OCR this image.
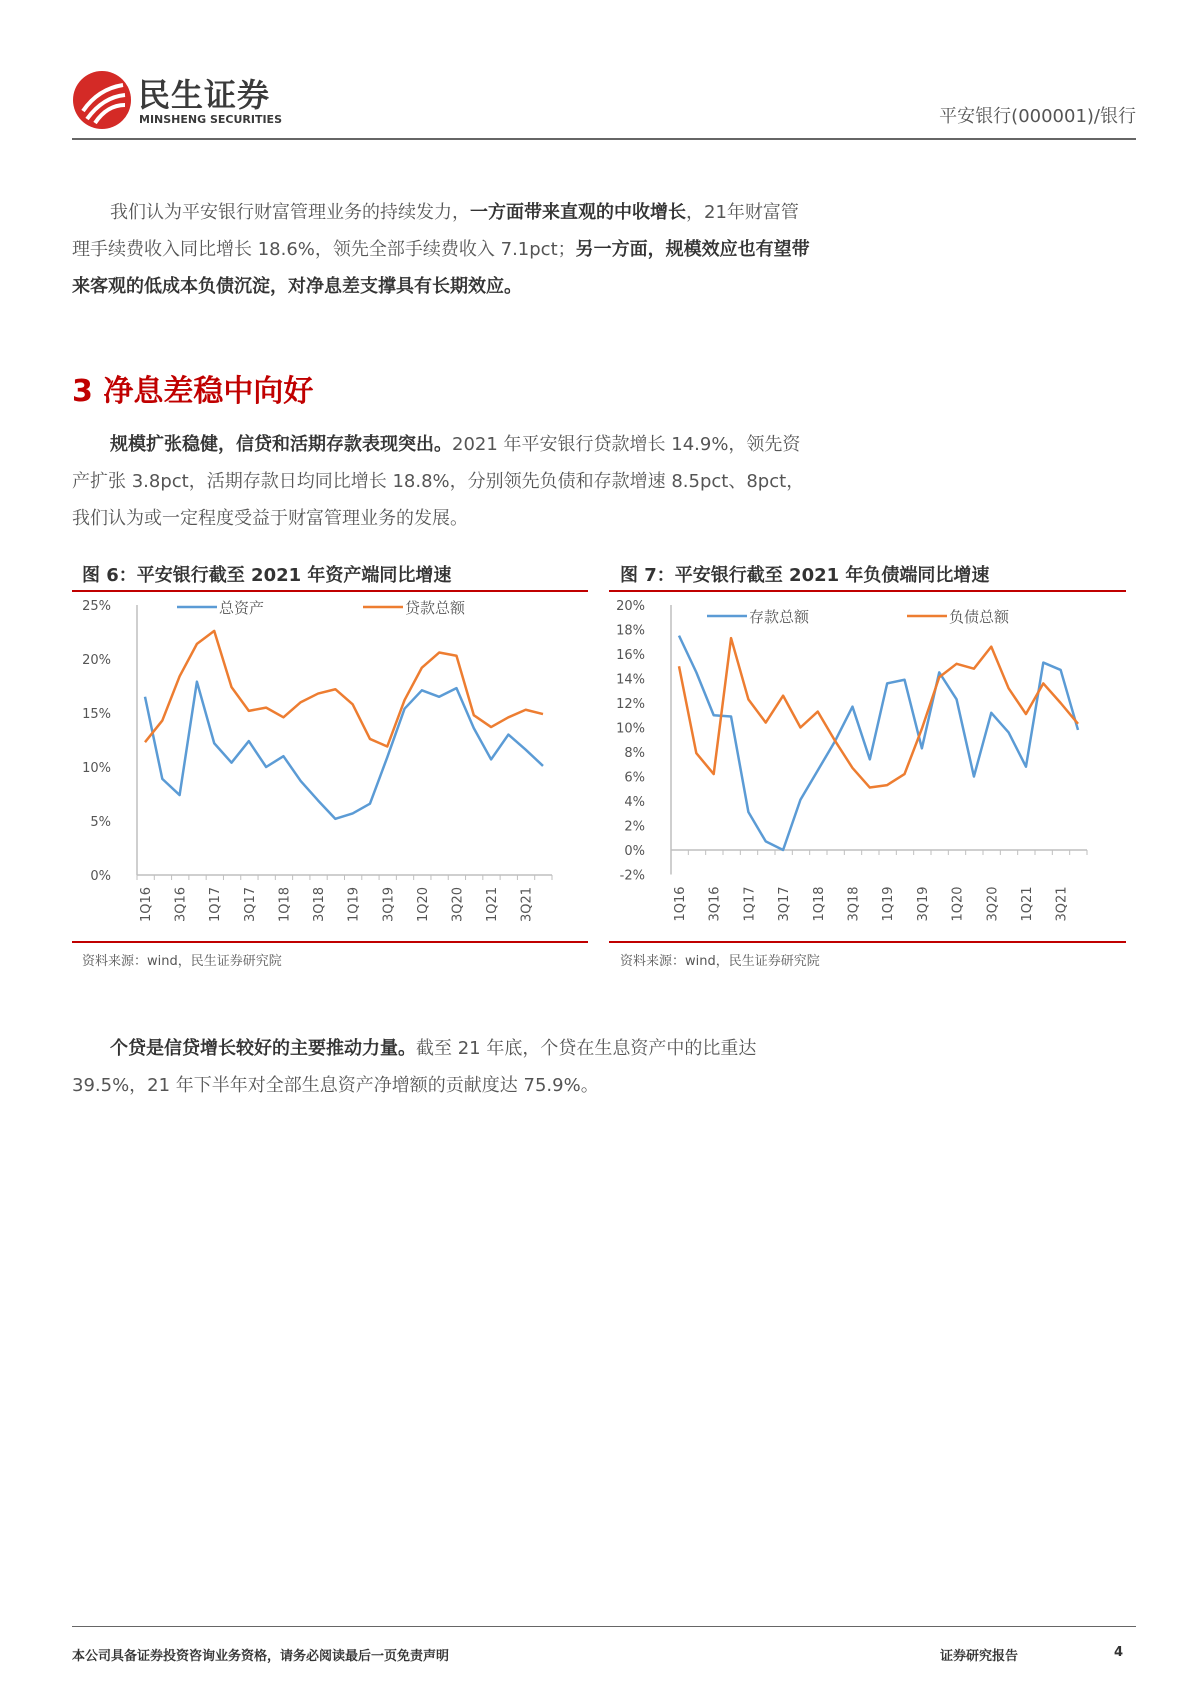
民生证券
MINSHENG SECURITIES	平安银行(000001)/银行
我们认为平安银行财富管理业务的持续发力，一方面带来直观的中收增长，21年财富管理手续费收入同比增长 18.6%，领先全部手续费收入 7.1pct；另一方面，规模效应也有望带来客观的低成本负债沉淀，对净息差支撑具有长期效应。
3 净息差稳中向好
规模扩张稳健，信贷和活期存款表现突出。2021 年平安银行贷款增长 14.9%，领先资产扩张 3.8pct，活期存款日均同比增长 18.8%，分别领先负债和存款增速 8.5pct、8pct，我们认为或一定程度受益于财富管理业务的发展。
图 6：平安银行截至 2021 年资产端同比增速	图 7：平安银行截至 2021 年负债端同比增速
0%
5%
10%
15%
20%
25%
1Q16 3Q16 1Q17 3Q17 1Q18 3Q18 1Q19 3Q19 1Q20 3Q20 1Q21 3Q21
总资产	贷款总额
-2%
0%
2%
4%
6%
8%
10%
12%
14%
16%
18%
20%
1Q16 3Q16 1Q17 3Q17 1Q18 3Q18 1Q19 3Q19 1Q20 3Q20 1Q21 3Q21
存款总额	负债总额
资料来源：wind，民生证券研究院	资料来源：wind，民生证券研究院
个贷是信贷增长较好的主要推动力量。截至 21 年底，个贷在生息资产中的比重达 39.5%，21 年下半年对全部生息资产净增额的贡献度达 75.9%。
本公司具备证券投资咨询业务资格，请务必阅读最后一页免责声明	证券研究报告	4
